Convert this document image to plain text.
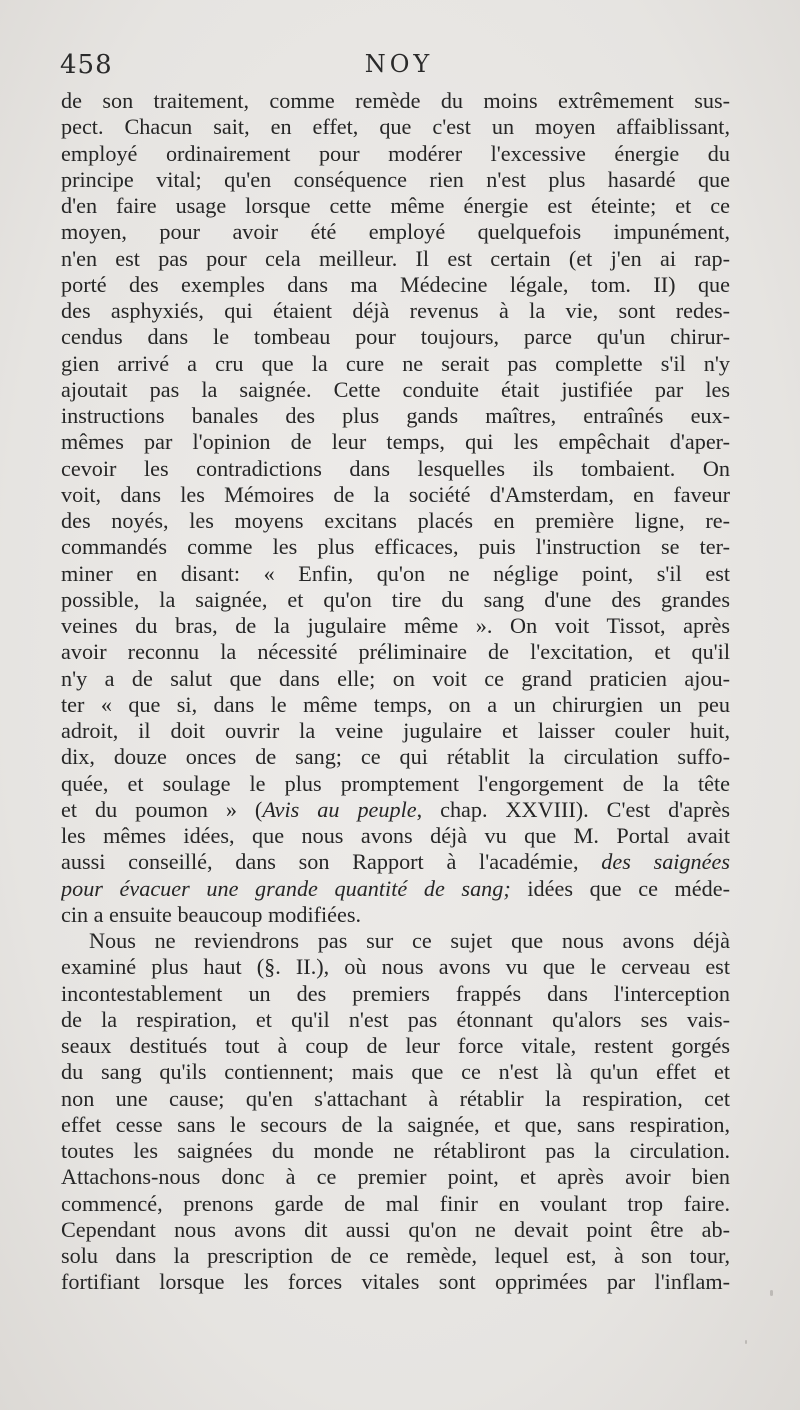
458	NOY
de son traitement, comme remède du moins extrêmement sus-
pect. Chacun sait, en effet, que c'est un moyen affaiblissant,
employé ordinairement pour modérer l'excessive énergie du
principe vital; qu'en conséquence rien n'est plus hasardé que
d'en faire usage lorsque cette même énergie est éteinte; et ce
moyen, pour avoir été employé quelquefois impunément,
n'en est pas pour cela meilleur. Il est certain (et j'en ai rap-
porté des exemples dans ma Médecine légale, tom. II) que
des asphyxiés, qui étaient déjà revenus à la vie, sont redes-
cendus dans le tombeau pour toujours, parce qu'un chirur-
gien arrivé a cru que la cure ne serait pas complette s'il n'y
ajoutait pas la saignée. Cette conduite était justifiée par les
instructions banales des plus gands maîtres, entraînés eux-
mêmes par l'opinion de leur temps, qui les empêchait d'aper-
cevoir les contradictions dans lesquelles ils tombaient. On
voit, dans les Mémoires de la société d'Amsterdam, en faveur
des noyés, les moyens excitans placés en première ligne, re-
commandés comme les plus efficaces, puis l'instruction se ter-
miner en disant: « Enfin, qu'on ne néglige point, s'il est
possible, la saignée, et qu'on tire du sang d'une des grandes
veines du bras, de la jugulaire même ». On voit Tissot, après
avoir reconnu la nécessité préliminaire de l'excitation, et qu'il
n'y a de salut que dans elle; on voit ce grand praticien ajou-
ter « que si, dans le même temps, on a un chirurgien un peu
adroit, il doit ouvrir la veine jugulaire et laisser couler huit,
dix, douze onces de sang; ce qui rétablit la circulation suffo-
quée, et soulage le plus promptement l'engorgement de la tête
et du poumon » (Avis au peuple, chap. XXVIII). C'est d'après
les mêmes idées, que nous avons déjà vu que M. Portal avait
aussi conseillé, dans son Rapport à l'académie, des saignées
pour évacuer une grande quantité de sang; idées que ce méde-
cin a ensuite beaucoup modifiées.
Nous ne reviendrons pas sur ce sujet que nous avons déjà
examiné plus haut (§. II.), où nous avons vu que le cerveau est
incontestablement un des premiers frappés dans l'interception
de la respiration, et qu'il n'est pas étonnant qu'alors ses vais-
seaux destitués tout à coup de leur force vitale, restent gorgés
du sang qu'ils contiennent; mais que ce n'est là qu'un effet et
non une cause; qu'en s'attachant à rétablir la respiration, cet
effet cesse sans le secours de la saignée, et que, sans respiration,
toutes les saignées du monde ne rétabliront pas la circulation.
Attachons-nous donc à ce premier point, et après avoir bien
commencé, prenons garde de mal finir en voulant trop faire.
Cependant nous avons dit aussi qu'on ne devait point être ab-
solu dans la prescription de ce remède, lequel est, à son tour,
fortifiant lorsque les forces vitales sont opprimées par l'inflam-
